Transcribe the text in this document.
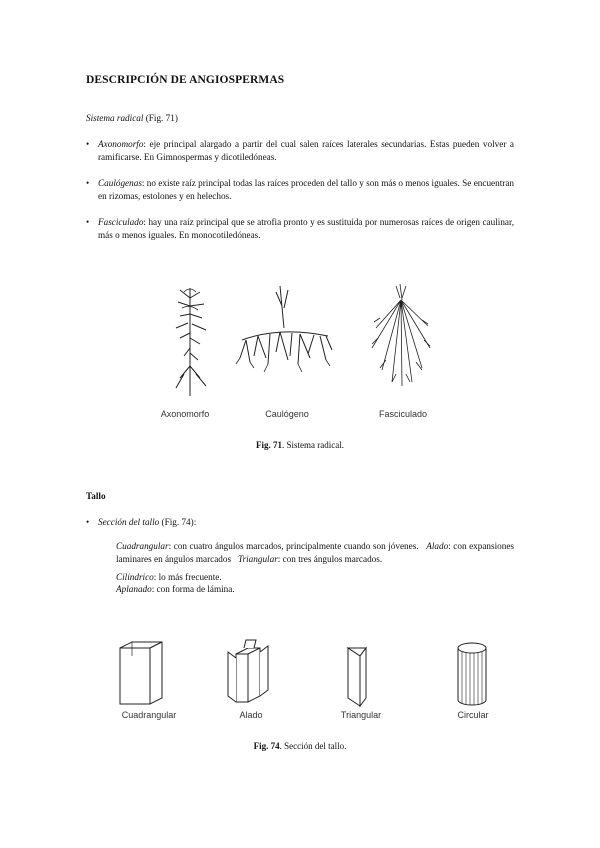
DESCRIPCIÓN DE ANGIOSPERMAS
Sistema radical (Fig. 71)
• Axonomorfo: eje principal alargado a partir del cual salen raíces laterales secundarias. Estas pueden volver a ramificarse. En Gimnospermas y dicotiledóneas.
• Caulógenas: no existe raíz principal todas las raíces proceden del tallo y son más o menos iguales. Se encuentran en rizomas, estolones y en helechos.
• Fasciculado: hay una raíz principal que se atrofia pronto y es sustituida por numerosas raíces de origen caulinar, más o menos iguales. En monocotiledóneas.
Axonomorfo	Caulógeno	Fasciculado
Fig. 71. Sistema radical.
Tallo
• Sección del tallo (Fig. 74):
Cuadrangular: con cuatro ángulos marcados, principalmente cuando son jóvenes. Alado: con expansiones laminares en ángulos marcados Triangular: con tres ángulos marcados.
Cilíndrico: lo más frecuente.
Aplanado: con forma de lámina.
Cuadrangular	Alado	Triangular	Circular
Fig. 74. Sección del tallo.
